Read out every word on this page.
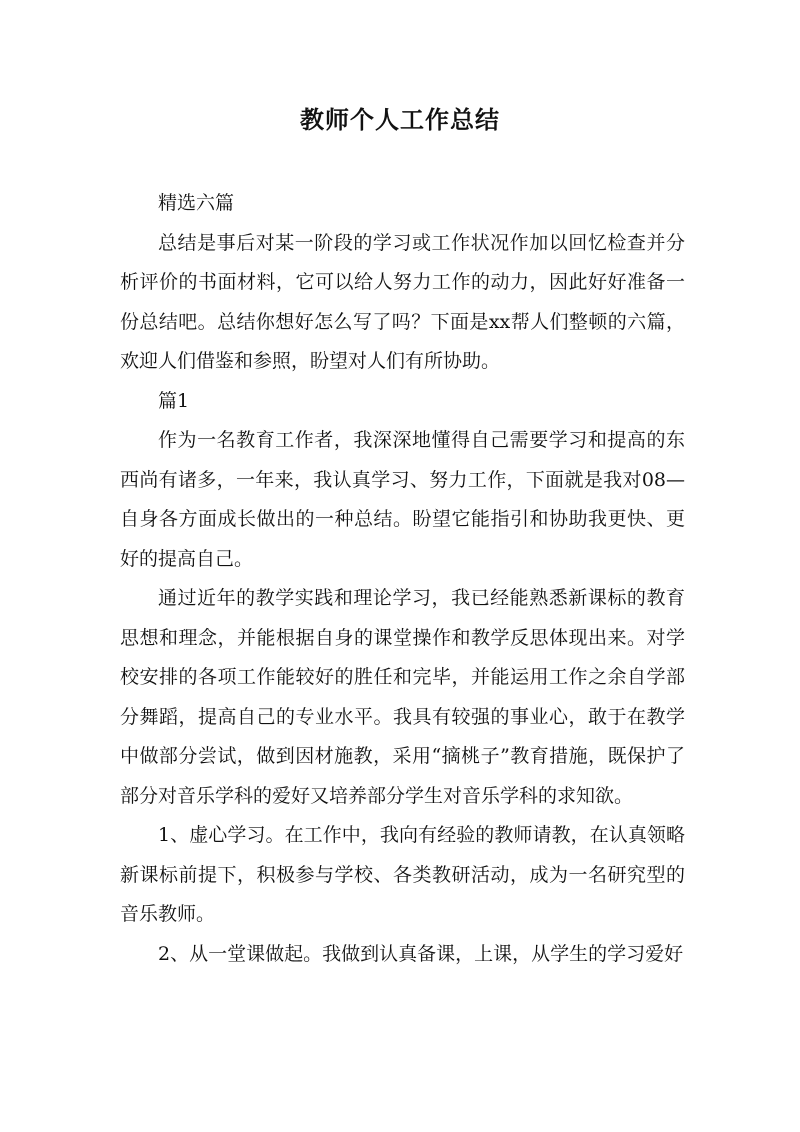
教师个人工作总结

精选六篇

总结是事后对某一阶段的学习或工作状况作加以回忆检查并分析评价的书面材料，它可以给人努力工作的动力，因此好好准备一份总结吧。总结你想好怎么写了吗？下面是xx帮人们整顿的六篇，欢迎人们借鉴和参照，盼望对人们有所协助。

篇1

作为一名教育工作者，我深深地懂得自己需要学习和提高的东西尚有诸多，一年来，我认真学习、努力工作，下面就是我对08—自身各方面成长做出的一种总结。盼望它能指引和协助我更快、更好的提高自己。

通过近年的教学实践和理论学习，我已经能熟悉新课标的教育思想和理念，并能根据自身的课堂操作和教学反思体现出来。对学校安排的各项工作能较好的胜任和完毕，并能运用工作之余自学部分舞蹈，提高自己的专业水平。我具有较强的事业心，敢于在教学中做部分尝试，做到因材施教，采用“摘桃子”教育措施，既保护了部分对音乐学科的爱好又培养部分学生对音乐学科的求知欲。

1、虚心学习。在工作中，我向有经验的教师请教，在认真领略新课标前提下，积极参与学校、各类教研活动，成为一名研究型的音乐教师。

2、从一堂课做起。我做到认真备课，上课，从学生的学习爱好
